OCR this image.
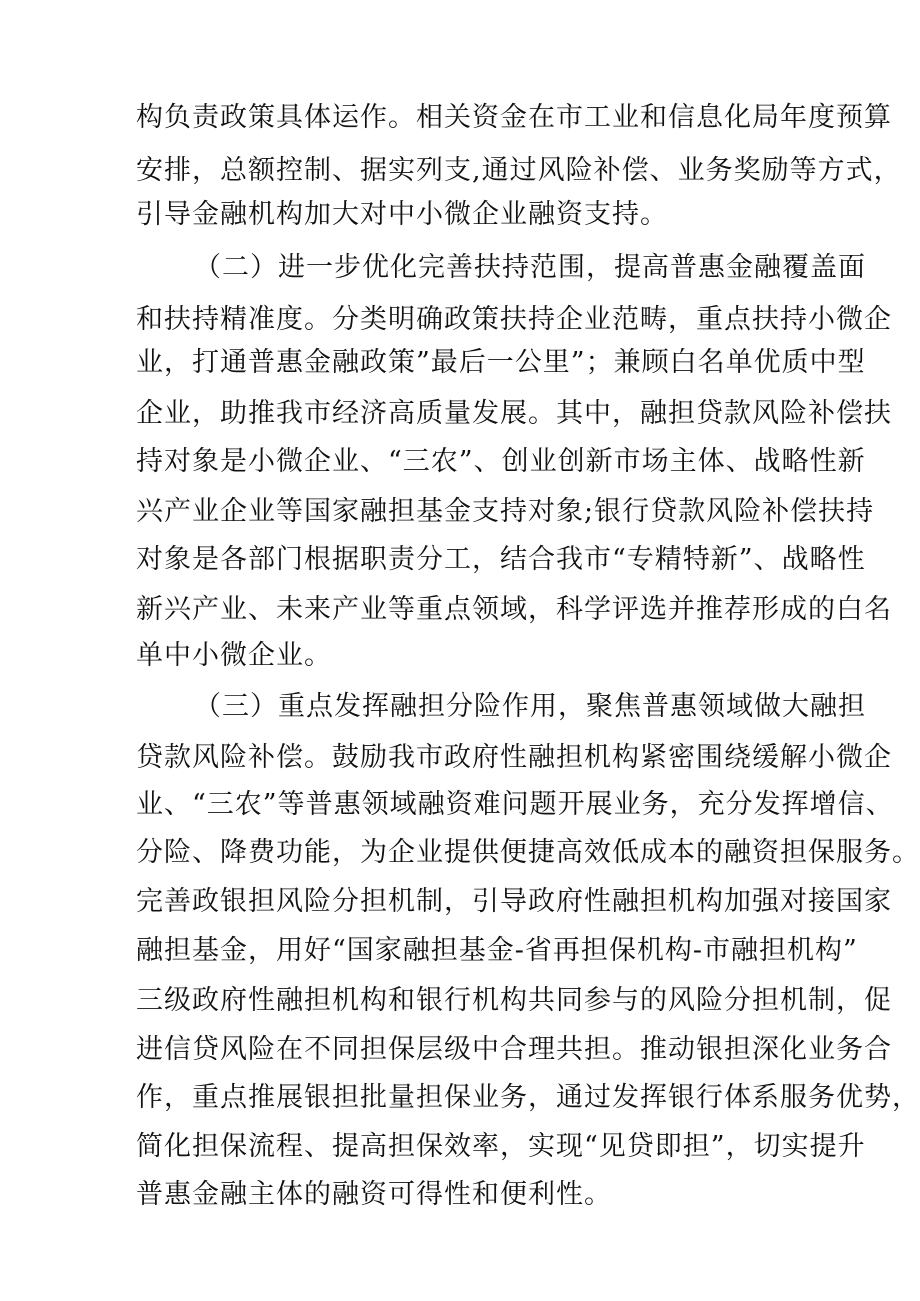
构负责政策具体运作。相关资金在市工业和信息化局年度预算
安排，总额控制、据实列支,通过风险补偿、业务奖励等方式，
引导金融机构加大对中小微企业融资支持。
（二）进一步优化完善扶持范围，提高普惠金融覆盖面
和扶持精准度。分类明确政策扶持企业范畴，重点扶持小微企
业，打通普惠金融政策”最后一公里”；兼顾白名单优质中型
企业，助推我市经济高质量发展。其中，融担贷款风险补偿扶
持对象是小微企业、“三农”、创业创新市场主体、战略性新
兴产业企业等国家融担基金支持对象;银行贷款风险补偿扶持
对象是各部门根据职责分工，结合我市“专精特新”、战略性
新兴产业、未来产业等重点领域，科学评选并推荐形成的白名
单中小微企业。
（三）重点发挥融担分险作用，聚焦普惠领域做大融担
贷款风险补偿。鼓励我市政府性融担机构紧密围绕缓解小微企
业、“三农”等普惠领域融资难问题开展业务，充分发挥增信、
分险、降费功能，为企业提供便捷高效低成本的融资担保服务。
完善政银担风险分担机制，引导政府性融担机构加强对接国家
融担基金，用好“国家融担基金-省再担保机构-市融担机构”
三级政府性融担机构和银行机构共同参与的风险分担机制，促
进信贷风险在不同担保层级中合理共担。推动银担深化业务合
作，重点推展银担批量担保业务，通过发挥银行体系服务优势，
简化担保流程、提高担保效率，实现“见贷即担”，切实提升
普惠金融主体的融资可得性和便利性。
